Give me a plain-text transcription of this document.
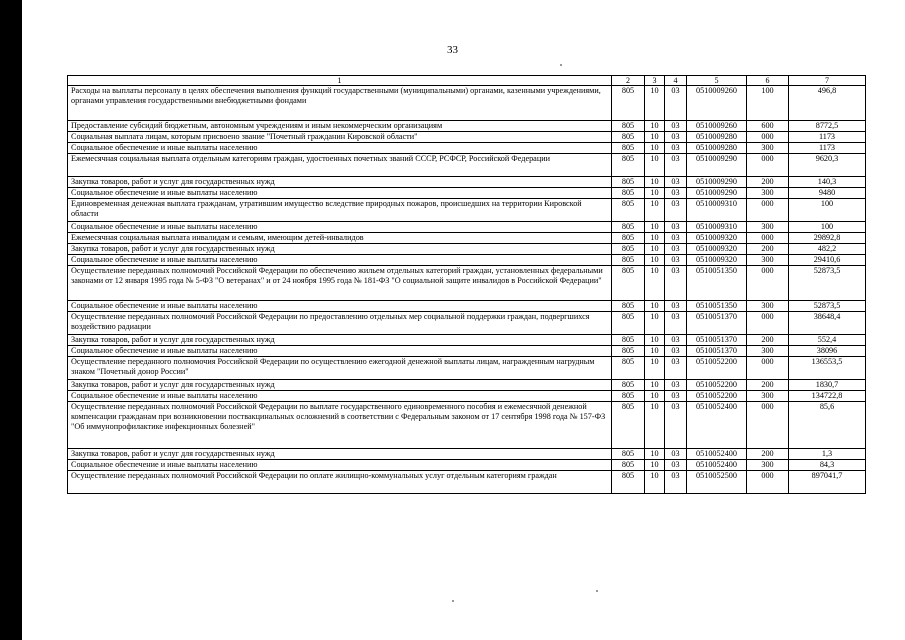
33
1	2	3	4	5	6	7
Расходы на выплаты персоналу в целях обеспечения выполнения функций государственными (муниципальными) органами, казенными учреждениями, органами управления государственными внебюджетными фондами	805	10	03	0510009260	100	496,8
Предоставление субсидий бюджетным, автономным учреждениям и иным некоммерческим организациям	805	10	03	0510009260	600	8772,5
Социальная выплата лицам, которым присвоено звание "Почетный гражданин Кировской области"	805	10	03	0510009280	000	1173
Социальное обеспечение и иные выплаты населению	805	10	03	0510009280	300	1173
Ежемесячная социальная выплата отдельным категориям граждан, удостоенных почетных званий СССР, РСФСР, Российской Федерации	805	10	03	0510009290	000	9620,3
Закупка товаров, работ и услуг для государственных нужд	805	10	03	0510009290	200	140,3
Социальное обеспечение и иные выплаты населению	805	10	03	0510009290	300	9480
Единовременная денежная выплата гражданам, утратившим имущество вследствие природных пожаров, происшедших на территории Кировской области	805	10	03	0510009310	000	100
Социальное обеспечение и иные выплаты населению	805	10	03	0510009310	300	100
Ежемесячная социальная выплата инвалидам и семьям, имеющим детей-инвалидов	805	10	03	0510009320	000	29892,8
Закупка товаров, работ и услуг для государственных нужд	805	10	03	0510009320	200	482,2
Социальное обеспечение и иные выплаты населению	805	10	03	0510009320	300	29410,6
Осуществление переданных полномочий Российской Федерации по обеспечению жильем отдельных категорий граждан, установленных федеральными законами от 12 января 1995 года № 5-ФЗ "О ветеранах" и от 24 ноября 1995 года № 181-ФЗ "О социальной защите инвалидов в Российской Федерации"	805	10	03	0510051350	000	52873,5
Социальное обеспечение и иные выплаты населению	805	10	03	0510051350	300	52873,5
Осуществление переданных полномочий Российской Федерации по предоставлению отдельных мер социальной поддержки граждан, подвергшихся воздействию радиации	805	10	03	0510051370	000	38648,4
Закупка товаров, работ и услуг для государственных нужд	805	10	03	0510051370	200	552,4
Социальное обеспечение и иные выплаты населению	805	10	03	0510051370	300	38096
Осуществление переданного полномочия Российской Федерации по осуществлению ежегодной денежной выплаты лицам, награжденным нагрудным знаком "Почетный донор России"	805	10	03	0510052200	000	136553,5
Закупка товаров, работ и услуг для государственных нужд	805	10	03	0510052200	200	1830,7
Социальное обеспечение и иные выплаты населению	805	10	03	0510052200	300	134722,8
Осуществление переданных полномочий Российской Федерации по выплате государственного единовременного пособия и ежемесячной денежной компенсации гражданам при возникновении поствакцинальных осложнений в соответствии с Федеральным законом от 17 сентября 1998 года № 157-ФЗ "Об иммунопрофилактике инфекционных болезней"	805	10	03	0510052400	000	85,6
Закупка товаров, работ и услуг для государственных нужд	805	10	03	0510052400	200	1,3
Социальное обеспечение и иные выплаты населению	805	10	03	0510052400	300	84,3
Осуществление переданных полномочий Российской Федерации по оплате жилищно-коммунальных услуг отдельным категориям граждан	805	10	03	0510052500	000	897041,7
